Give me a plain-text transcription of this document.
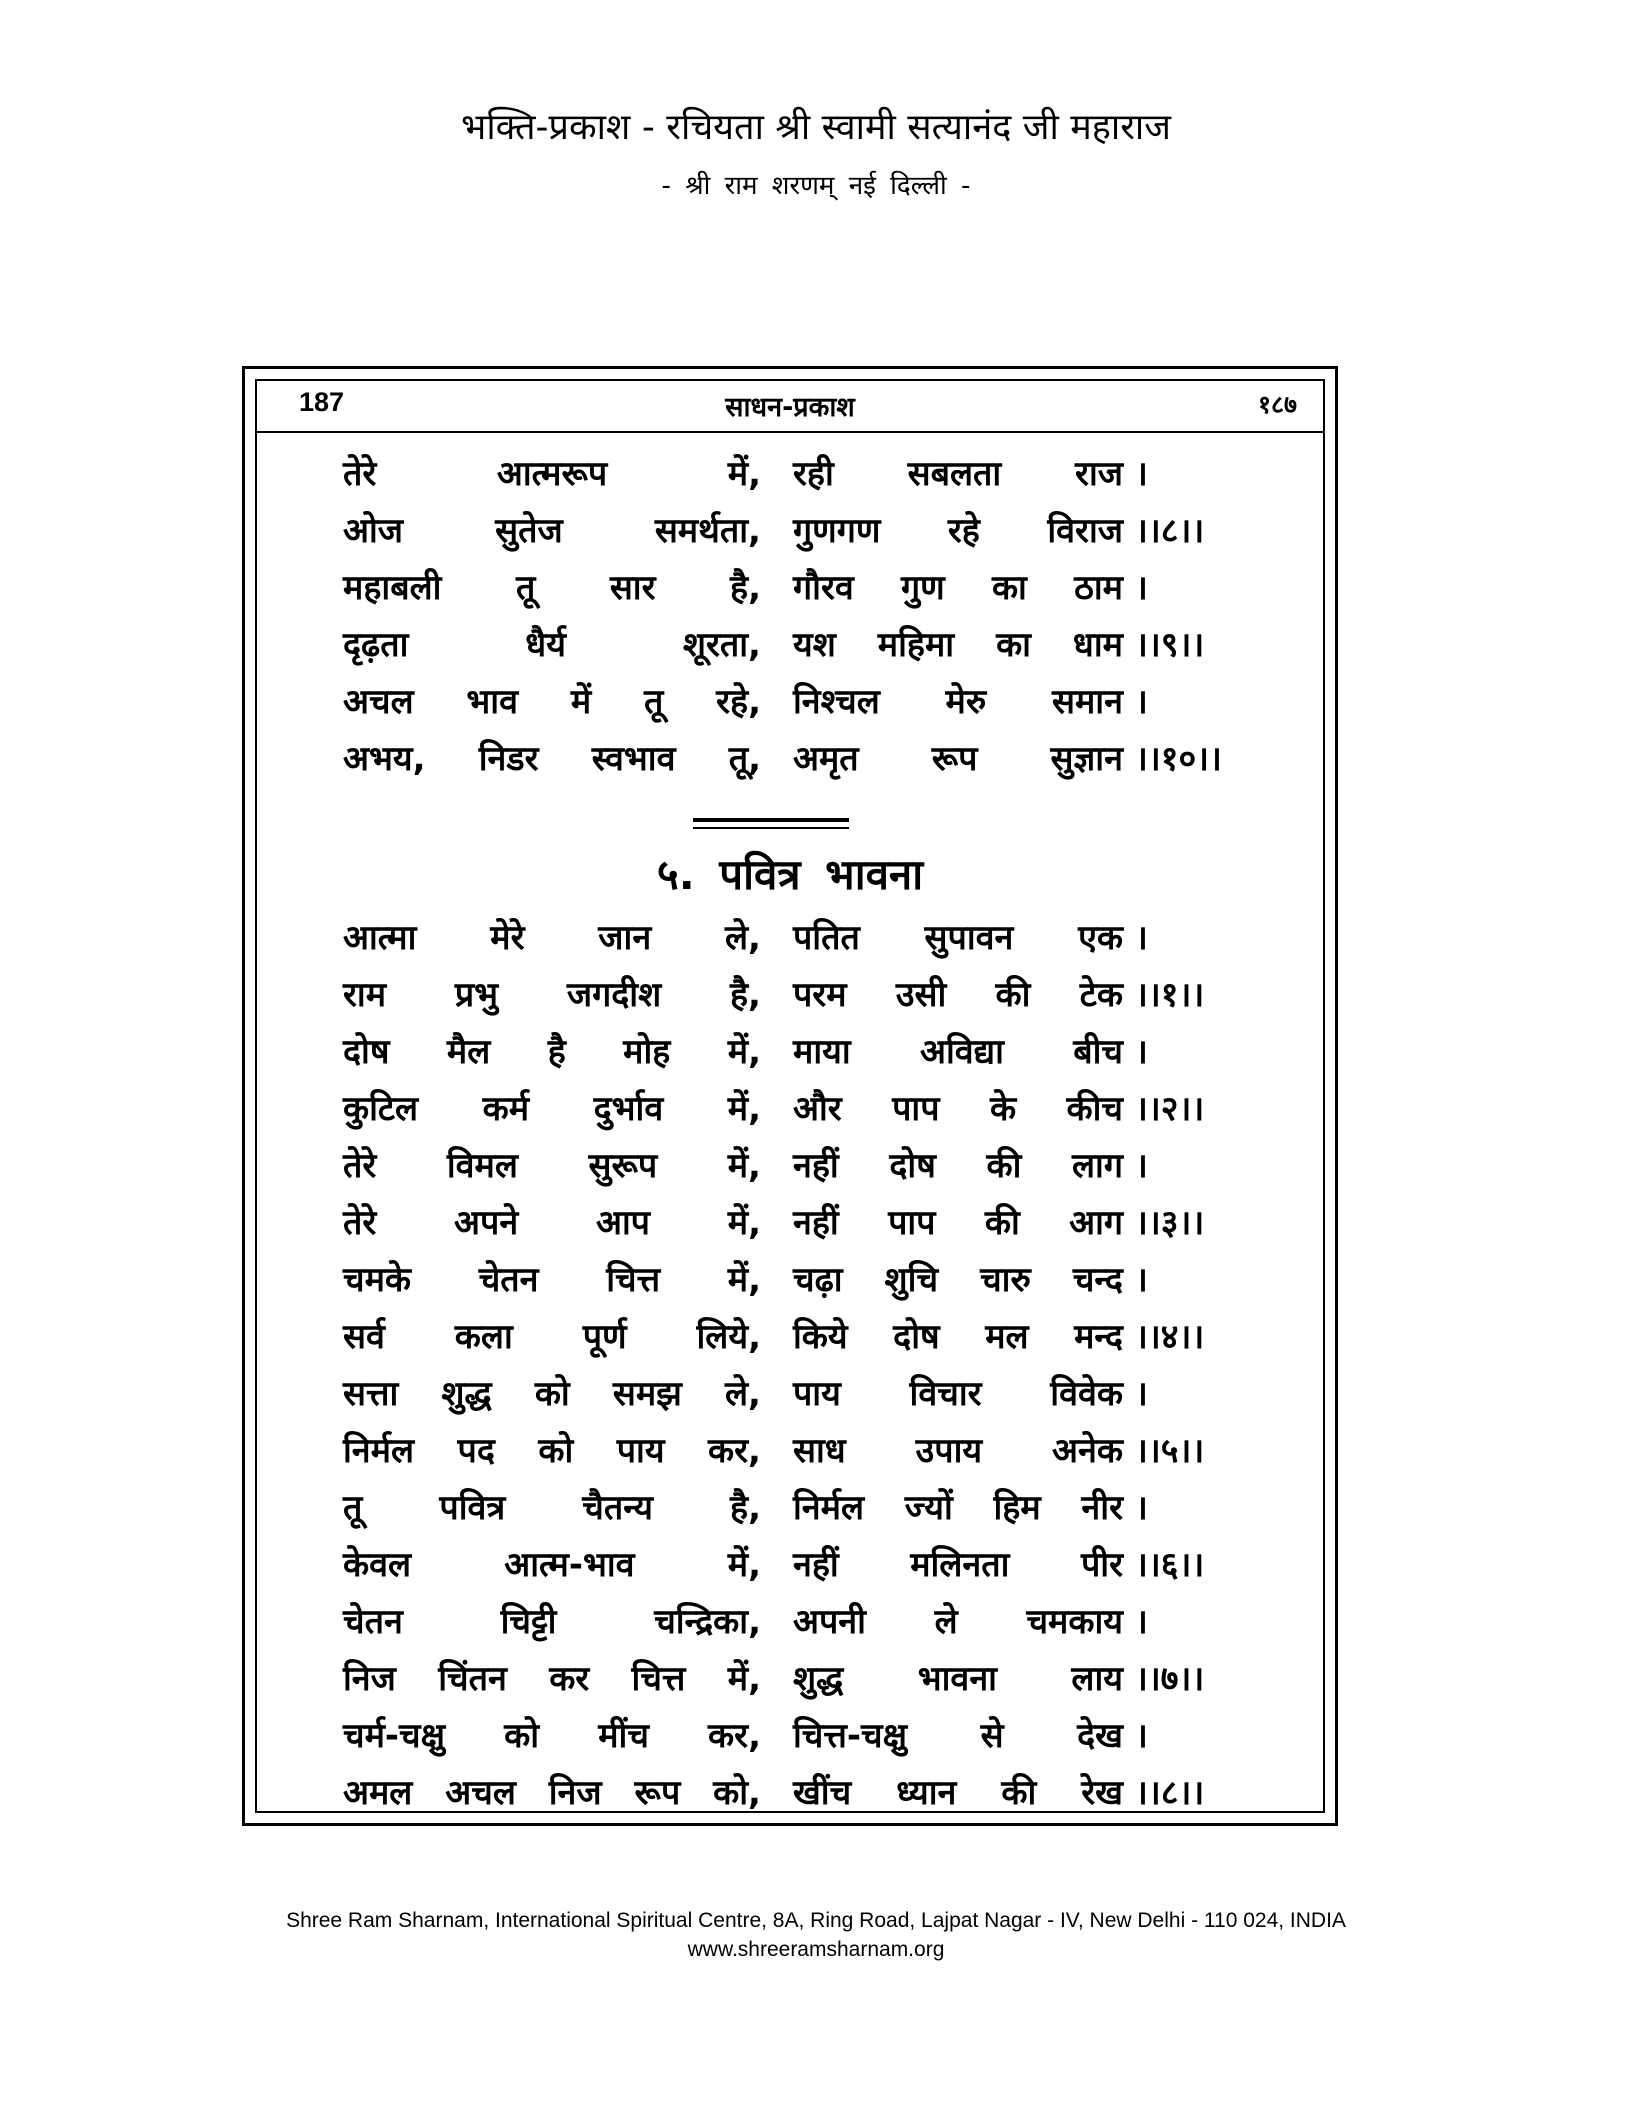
भक्ति-प्रकाश - रचियता श्री स्वामी सत्यानंद जी महाराज
- श्री राम शरणम् नई दिल्ली -
साधन-प्रकाश
187	१८७
तेरे	आत्मरूप	में, रही सबलता राज ।
ओज	सुतेज	समर्थता, गुणगण रहे विराज ।।८।।
महाबली तू सार है, गौरव गुण का ठाम ।
दृढ़ता	धैर्य	शूरता, यश महिमा का धाम ।।९।।
अचल भाव में तू रहे, निश्चल मेरु समान ।
अभय, निडर स्वभाव तू, अमृत रूप सुज्ञान ।।१०।।
आत्मा मेरे जान ले, पतित सुपावन एक ।
राम प्रभु जगदीश है, परम उसी की टेक ।।१।।
दोष मैल है मोह में, माया अविद्या बीच ।
कुटिल कर्म दुर्भाव में, और पाप के कीच ।।२।।
तेरे विमल सुरूप में, नहीं दोष की लाग ।
तेरे अपने आप में, नहीं पाप की आग ।।३।।
चमके चेतन चित्त में, चढ़ा शुचि चारु चन्द ।
सर्व कला पूर्ण लिये, किये दोष मल मन्द ।।४।।
सत्ता शुद्ध को समझ ले, पाय विचार विवेक ।
निर्मल पद को पाय कर, साध उपाय अनेक ।।५।।
तू पवित्र चैतन्य है, निर्मल ज्यों हिम नीर ।
केवल	आत्म-भाव	में, नहीं मलिनता पीर ।।६।।
चेतन	चिट्टी	चन्द्रिका, अपनी ले चमकाय ।
निज चिंतन कर चित्त में, शुद्ध भावना लाय ।।७।।
चर्म-चक्षु को मींच कर, चित्त-चक्षु से देख ।
अमल अचल निज रूप को, खींच ध्यान की रेख ।।८।।
५. पवित्र भावना
Shree Ram Sharnam, International Spiritual Centre, 8A, Ring Road, Lajpat Nagar - IV, New Delhi - 110 024, INDIA
www.shreeramsharnam.org
